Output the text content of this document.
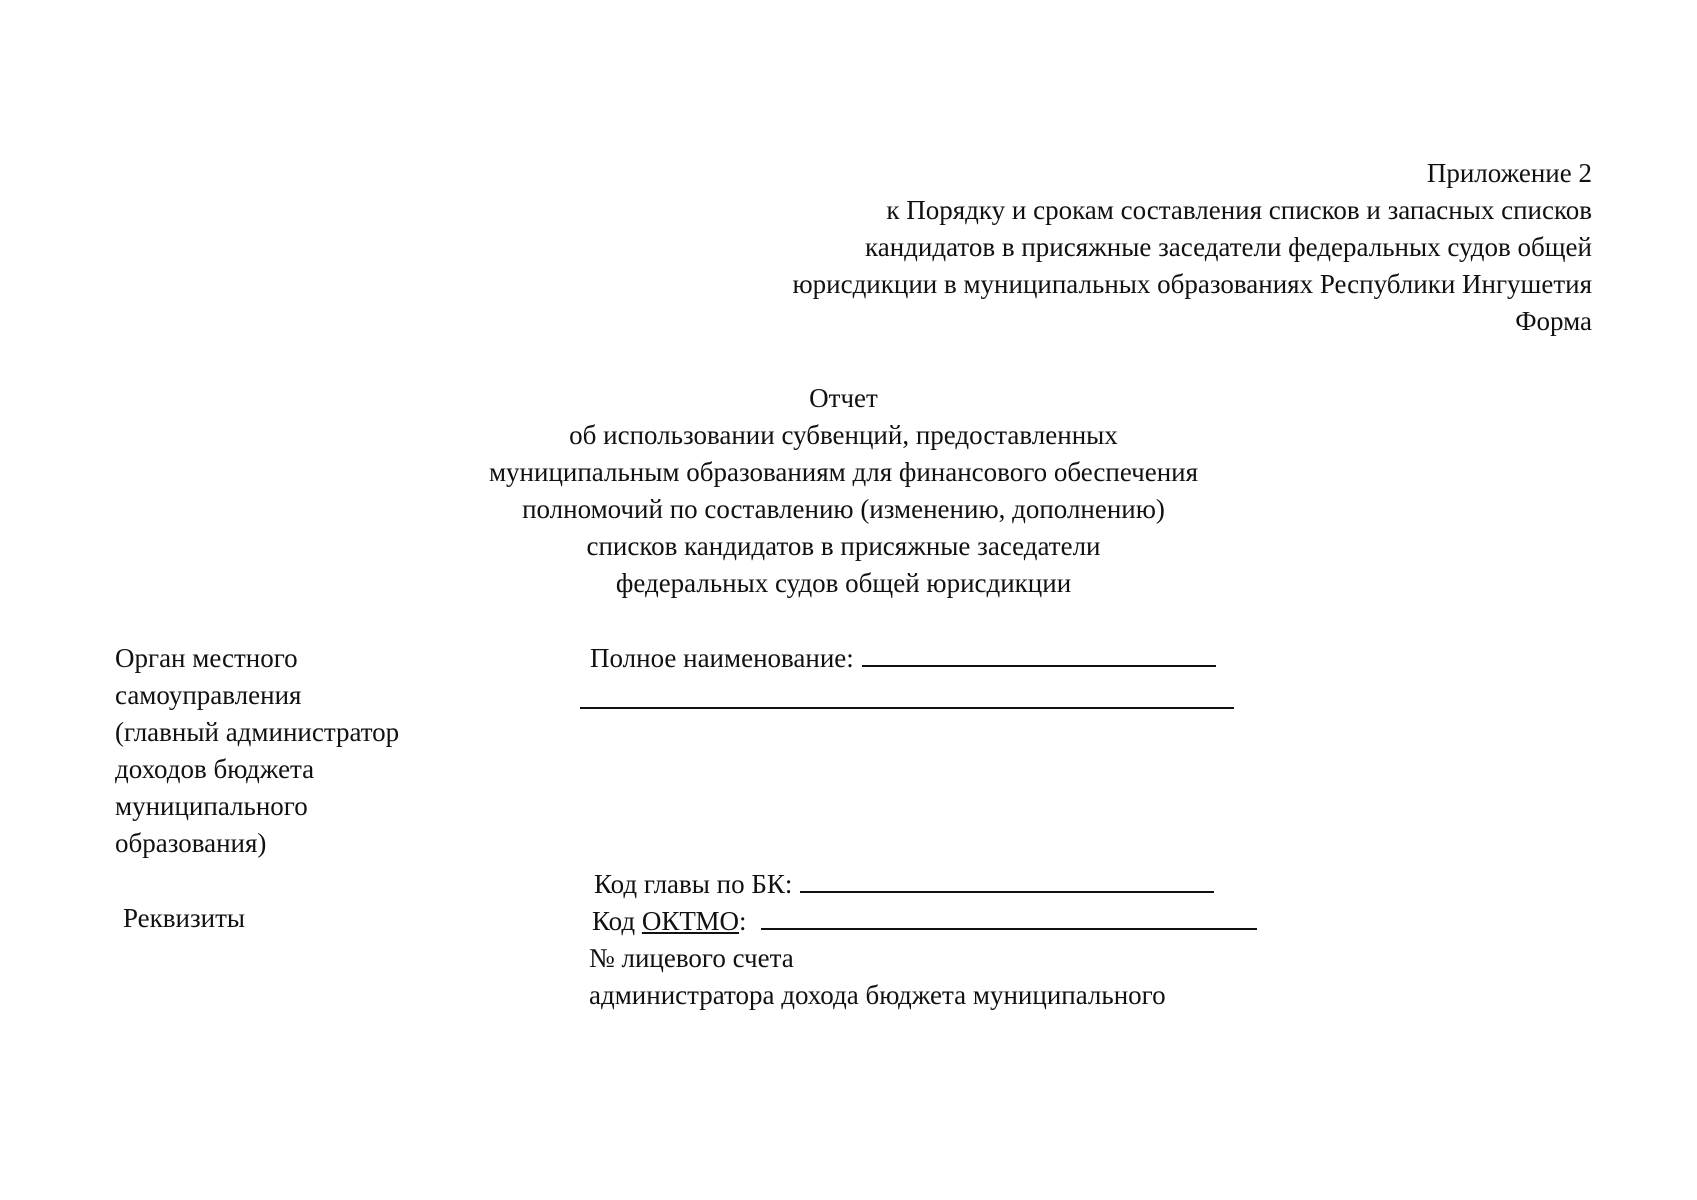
Приложение 2
к Порядку и срокам составления списков и запасных списков
кандидатов в присяжные заседатели федеральных судов общей
юрисдикции в муниципальных образованиях Республики Ингушетия
Форма
Отчет
об использовании субвенций, предоставленных
муниципальным образованиям для финансового обеспечения
полномочий по составлению (изменению, дополнению)
списков кандидатов в присяжные заседатели
федеральных судов общей юрисдикции
Орган местного
самоуправления
(главный администратор
доходов бюджета
муниципального
образования)
Полное наименование:
Код главы по БК:
Реквизиты	Код ОКТМО :
№ лицевого счета
администратора дохода бюджета муниципального
